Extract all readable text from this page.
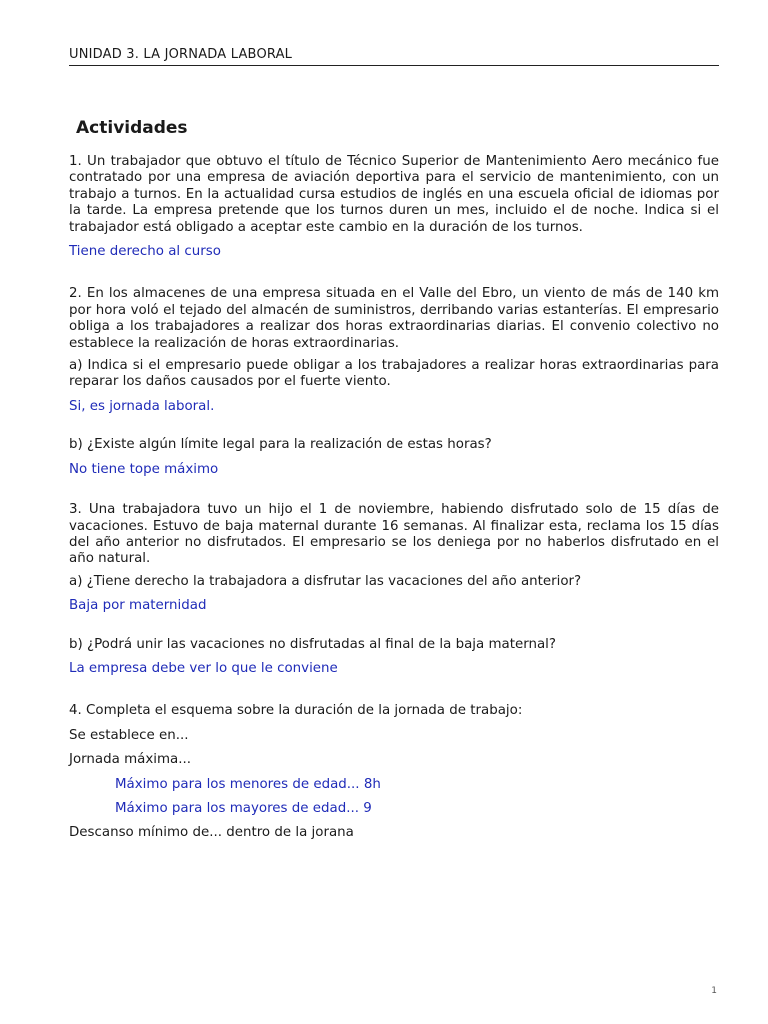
UNIDAD 3. LA JORNADA LABORAL
Actividades

1. Un trabajador que obtuvo el título de Técnico Superior de Mantenimiento Aero mecánico fue contratado por una empresa de aviación deportiva para el servicio de mantenimiento, con un trabajo a turnos. En la actualidad cursa estudios de inglés en una escuela oficial de idiomas por la tarde. La empresa pretende que los turnos duren un mes, incluido el de noche. Indica si el trabajador está obligado a aceptar este cambio en la duración de los turnos.

Tiene derecho al curso

2. En los almacenes de una empresa situada en el Valle del Ebro, un viento de más de 140 km por hora voló el tejado del almacén de suministros, derribando varias estanterías. El empresario obliga a los trabajadores a realizar dos horas extraordinarias diarias. El convenio colectivo no establece la realización de horas extraordinarias.

a) Indica si el empresario puede obligar a los trabajadores a realizar horas extraordinarias para reparar los daños causados por el fuerte viento.

Si, es jornada laboral.

b) ¿Existe algún límite legal para la realización de estas horas?

No tiene tope máximo

3. Una trabajadora tuvo un hijo el 1 de noviembre, habiendo disfrutado solo de 15 días de vacaciones. Estuvo de baja maternal durante 16 semanas. Al finalizar esta, reclama los 15 días del año anterior no disfrutados. El empresario se los deniega por no haberlos disfrutado en el año natural.

a) ¿Tiene derecho la trabajadora a disfrutar las vacaciones del año anterior?

Baja por maternidad

b) ¿Podrá unir las vacaciones no disfrutadas al final de la baja maternal?

La empresa debe ver lo que le conviene

4. Completa el esquema sobre la duración de la jornada de trabajo:

Se establece en...

Jornada máxima...

Máximo para los menores de edad... 8h

Máximo para los mayores de edad... 9

Descanso mínimo de... dentro de la jorana

1
